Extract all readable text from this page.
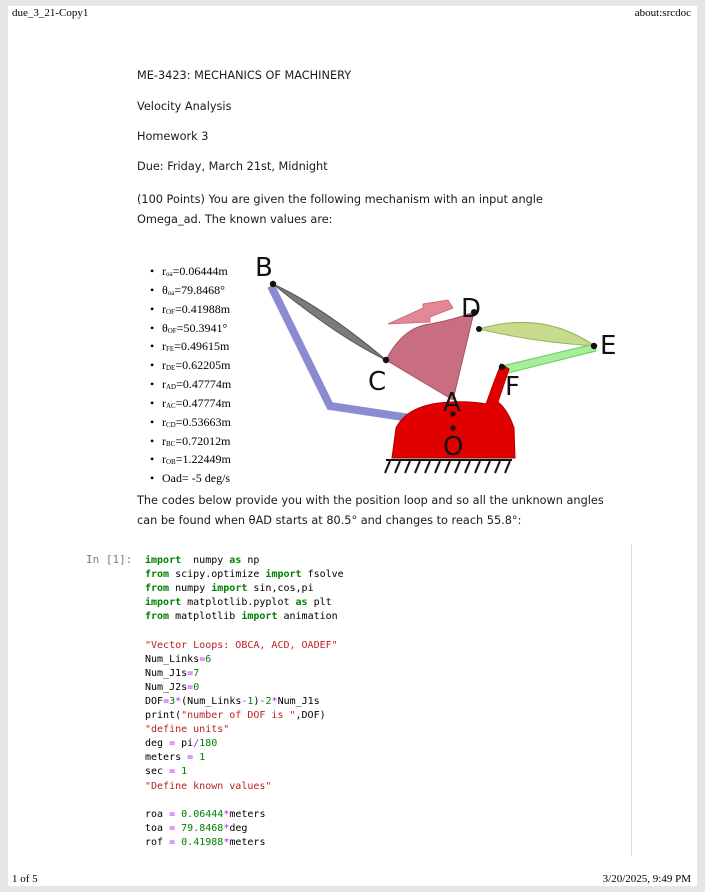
due_3_21-Copy1	about:srcdoc
ME-3423: MECHANICS OF MACHINERY
Velocity Analysis
Homework 3
Due: Friday, March 21st, Midnight
(100 Points) You are given the following mechanism with an input angle Omega_ad. The known values are:
• $r_{oa}=0.06444m$
• $\theta_{oa}=79.8468^\circ$
• $r_{OF}=0.41988m$
• $\theta_{OF}=50.3941^\circ$
• $r_{FE}=0.49615m$
• $r_{DE}=0.62205m$
• $r_{AD}=0.47774m$
• $r_{AC}=0.47774m$
• $r_{CD}=0.53663m$
• $r_{BC}=0.72012m$
• $r_{OB}=1.22449m$
• Oad= -5 deg/s
B
C
D
E
F
A
O
The codes below provide you with the position loop and so all the unknown angles can be found when θAD starts at 80.5° and changes to reach 55.8°:
In [1]: import  numpy as np
from scipy.optimize import fsolve
from numpy import sin,cos,pi
import matplotlib.pyplot as plt
from matplotlib import animation
"Vector Loops: OBCA, ACD, OADEF"
Num_Links=6
Num_J1s=7
Num_J2s=0
DOF=3*(Num_Links-1)-2*Num_J1s
print("number of DOF is ",DOF)
"define units"
deg = pi/180
meters = 1
sec = 1
"Define known values"
roa = 0.06444*meters
toa = 79.8468*deg
rof = 0.41988*meters
1 of 5	3/20/2025, 9:49 PM
